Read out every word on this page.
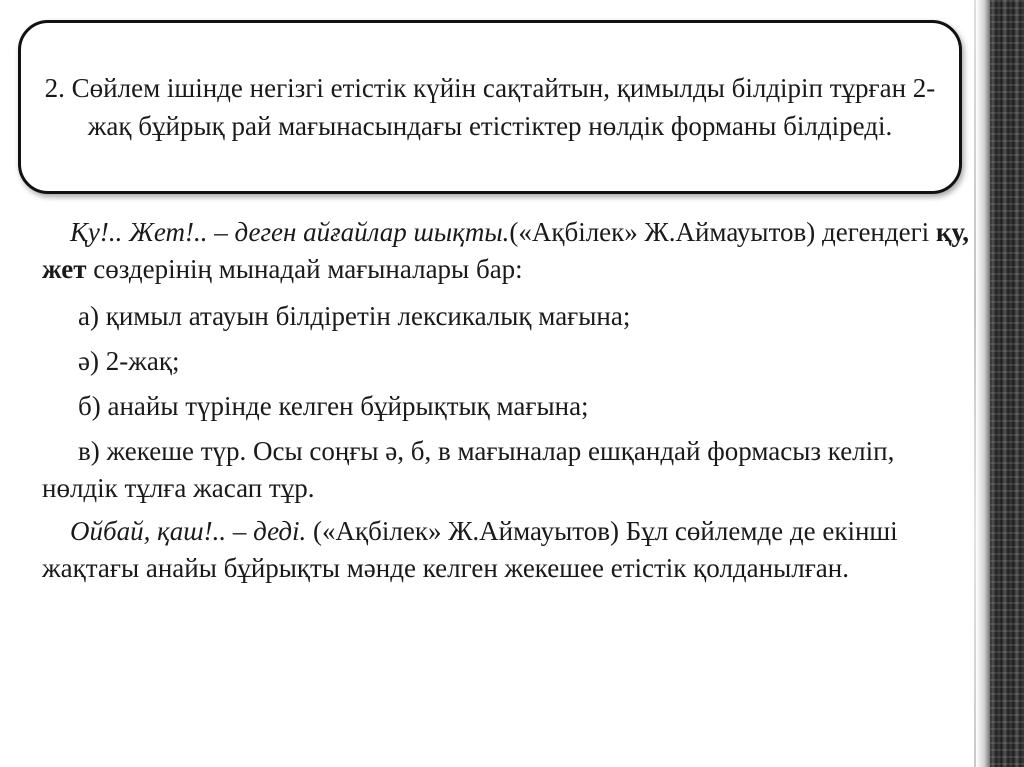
2. Сөйлем ішінде негізгі етістік күйін сақтайтын, қимылды білдіріп тұрған 2-жақ бұйрық рай мағынасындағы етістіктер нөлдік форманы білдіреді.

Қу!.. Жет!.. – деген айғайлар шықты.(«Ақбілек» Ж.Аймауытов) дегендегі қу, жет сөздерінің мынадай мағыналары бар:

а) қимыл атауын білдіретін лексикалық мағына;

ә) 2-жақ;

б) анайы түрінде келген бұйрықтық мағына;

в) жекеше түр. Осы соңғы ә, б, в мағыналар ешқандай формасыз келіп, нөлдік тұлға жасап тұр.

Ойбай, қаш!.. – деді. («Ақбілек» Ж.Аймауытов) Бұл сөйлемде де екінші жақтағы анайы бұйрықты мәнде келген жекешее етістік қолданылған.
